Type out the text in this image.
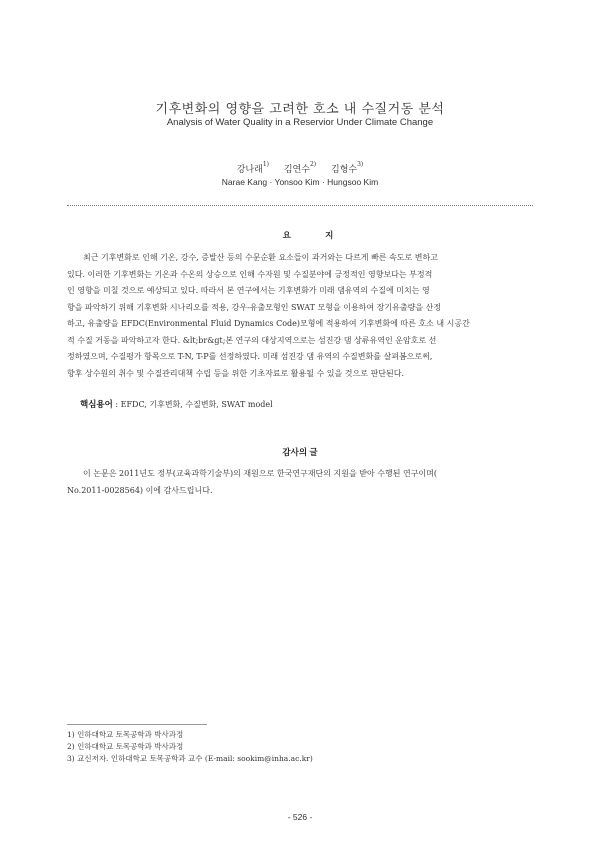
기후변화의 영향을 고려한 호소 내 수질거동 분석
Analysis of Water Quality in a Reservior Under Climate Change
강나래$^{1)}$ 김연수$^{2)}$ 김형수$^{3)}$
Narae Kang · Yonsoo Kim · Hungsoo Kim
요 지
최근 기후변화로 인해 기온, 강수, 증발산 등의 수문순환 요소들이 과거와는 다르게 빠른 속도로 변하고
있다. 이러한 기후변화는 기온과 수온의 상승으로 인해 수자원 및 수질분야에 긍정적인 영향보다는 부정적
인 영향을 미칠 것으로 예상되고 있다. 따라서 본 연구에서는 기후변화가 미래 댐유역의 수질에 미치는 영
향을 파악하기 위해 기후변화 시나리오를 적용, 강우-유출모형인 SWAT 모형을 이용하여 장기유출량을 산정
하고, 유출량을 EFDC(Environmental Fluid Dynamics Code)모형에 적용하여 기후변화에 따른 호소 내 시공간
적 수질 거동을 파악하고자 한다. &lt;br&gt;본 연구의 대상지역으로는 섬진강 댐 상류유역인 운암호로 선
정하였으며, 수질평가 항목으로 T-N, T-P를 선정하였다. 미래 섬진강 댐 유역의 수질변화를 살펴봄으로써,
향후 상수원의 취수 및 수질관리대책 수립 등을 위한 기초자료로 활용될 수 있을 것으로 판단된다.
핵심용어 : EFDC, 기후변화, 수질변화, SWAT model
감사의 글
이 논문은 2011년도 정부(교육과학기술부)의 재원으로 한국연구재단의 지원을 받아 수행된 연구이며(
No.2011-0028564) 이에 감사드립니다.
1) 인하대학교 토목공학과 박사과정
2) 인하대학교 토목공학과 박사과정
3) 교신저자. 인하대학교 토목공학과 교수 (E-mail: sookim@inha.ac.kr)
- 526 -
